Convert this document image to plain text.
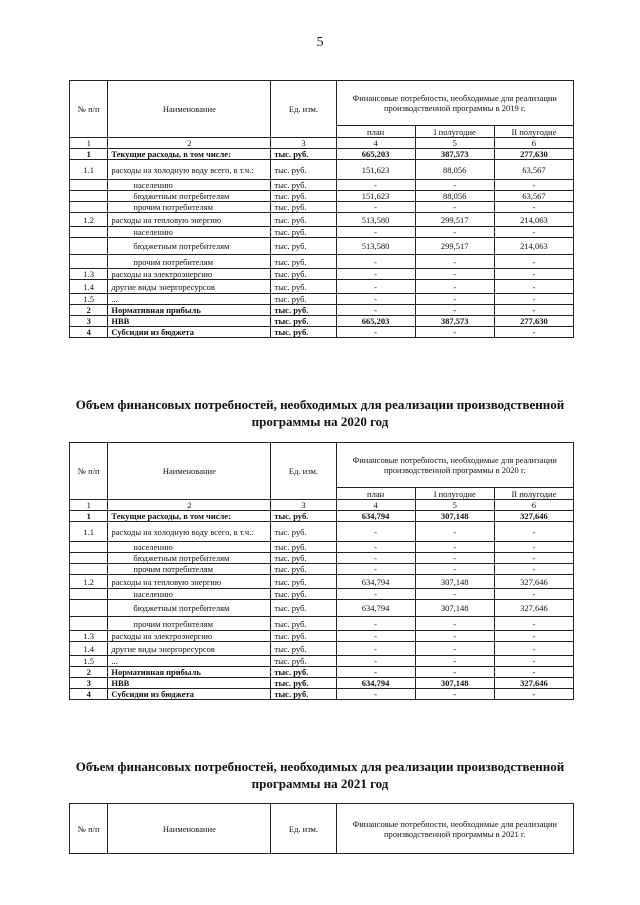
5
№ п/п	Наименование	Ед. изм.	Финансовые потребности, необходимые для реализации производственной программы в 2019 г.		
			план	I полугодие	II полугодие
1	2	3	4	5	6
1	Текущие расходы, в том числе:	тыс. руб.	665,203	387,573	277,630
1.1	расходы на холодную воду всего, в т.ч.:	тыс. руб.	151,623	88,056	63,567
	населению	тыс. руб.	-	-	-
	бюджетным потребителям	тыс. руб.	151,623	88,056	63,567
	прочим потребителям	тыс. руб.	-	-	-
1.2	расходы на тепловую энергию	тыс. руб.	513,580	299,517	214,063
	населению	тыс. руб.	-	-	-
	бюджетным потребителям	тыс. руб.	513,580	299,517	214,063
	прочим потребителям	тыс. руб.	-	-	-
1.3	расходы на электроэнергию	тыс. руб.	-	-	-
1.4	другие виды энергоресурсов	тыс. руб.	-	-	-
1.5	...	тыс. руб.	-	-	-
2	Нормативная прибыль	тыс. руб.	-	-	-
3	НВВ	тыс. руб.	665,203	387,573	277,630
4	Субсидии из бюджета	тыс. руб.	-	-	-
Объем финансовых потребностей, необходимых для реализации производственной программы на 2020 год
№ п/п	Наименование	Ед. изм.	Финансовые потребности, необходимые для реализации производственной программы в 2020 г.		
			план	I полугодие	II полугодие
1	2	3	4	5	6
1	Текущие расходы, в том числе:	тыс. руб.	634,794	307,148	327,646
1.1	расходы на холодную воду всего, в т.ч.:	тыс. руб.	-	-	-
	населению	тыс. руб.	-	-	-
	бюджетным потребителям	тыс. руб.	-	-	-
	прочим потребителям	тыс. руб.	-	-	-
1.2	расходы на тепловую энергию	тыс. руб.	634,794	307,148	327,646
	населению	тыс. руб.	-	-	-
	бюджетным потребителям	тыс. руб.	634,794	307,148	327,646
	прочим потребителям	тыс. руб.	-	-	-
1.3	расходы на электроэнергию	тыс. руб.	-	-	-
1.4	другие виды энергоресурсов	тыс. руб.	-	-	-
1.5	...	тыс. руб.	-	-	-
2	Нормативная прибыль	тыс. руб.	-	-	-
3	НВВ	тыс. руб.	634,794	307,148	327,646
4	Субсидии из бюджета	тыс. руб.	-	-	-
Объем финансовых потребностей, необходимых для реализации производственной программы на 2021 год
№ п/п	Наименование	Ед. изм.	Финансовые потребности, необходимые для реализации производственной программы в 2021 г.
